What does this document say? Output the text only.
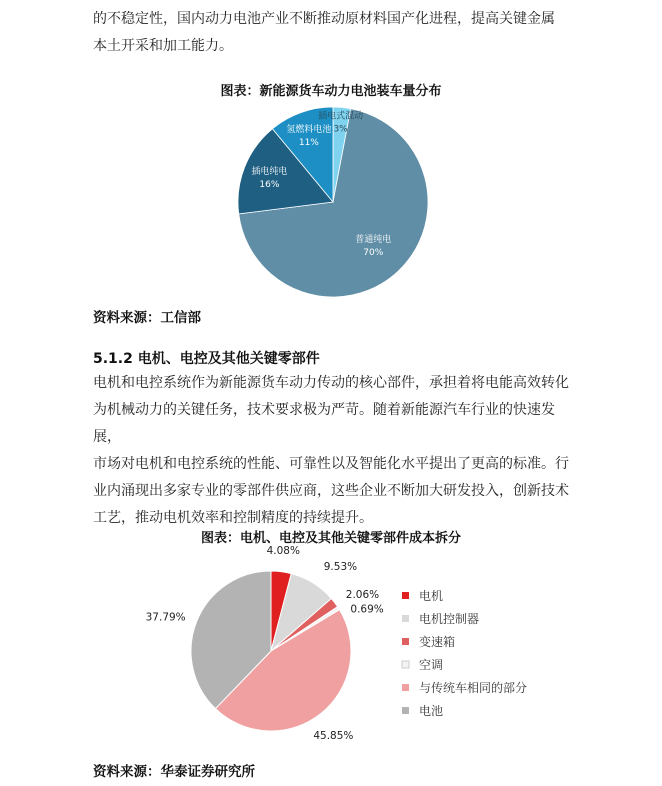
的不稳定性，国内动力电池产业不断推动原材料国产化进程，提高关键金属
本土开采和加工能力。
图表：新能源货车动力电池装车量分布
普通纯电
70%
插电纯电
16%
氢燃料电池
11%
插电式混动
3%
资料来源：工信部
5.1.2 电机、电控及其他关键零部件
电机和电控系统作为新能源货车动力传动的核心部件，承担着将电能高效转化
为机械动力的关键任务，技术要求极为严苛。随着新能源汽车行业的快速发展，
市场对电机和电控系统的性能、可靠性以及智能化水平提出了更高的标准。行
业内涌现出多家专业的零部件供应商，这些企业不断加大研发投入，创新技术
工艺，推动电机效率和控制精度的持续提升。
图表：电机、电控及其他关键零部件成本拆分
4.08%
9.53%
2.06%
0.69%
45.85%
37.79%
电机
电机控制器
变速箱
空调
与传统车相同的部分
电池
资料来源：华泰证券研究所
